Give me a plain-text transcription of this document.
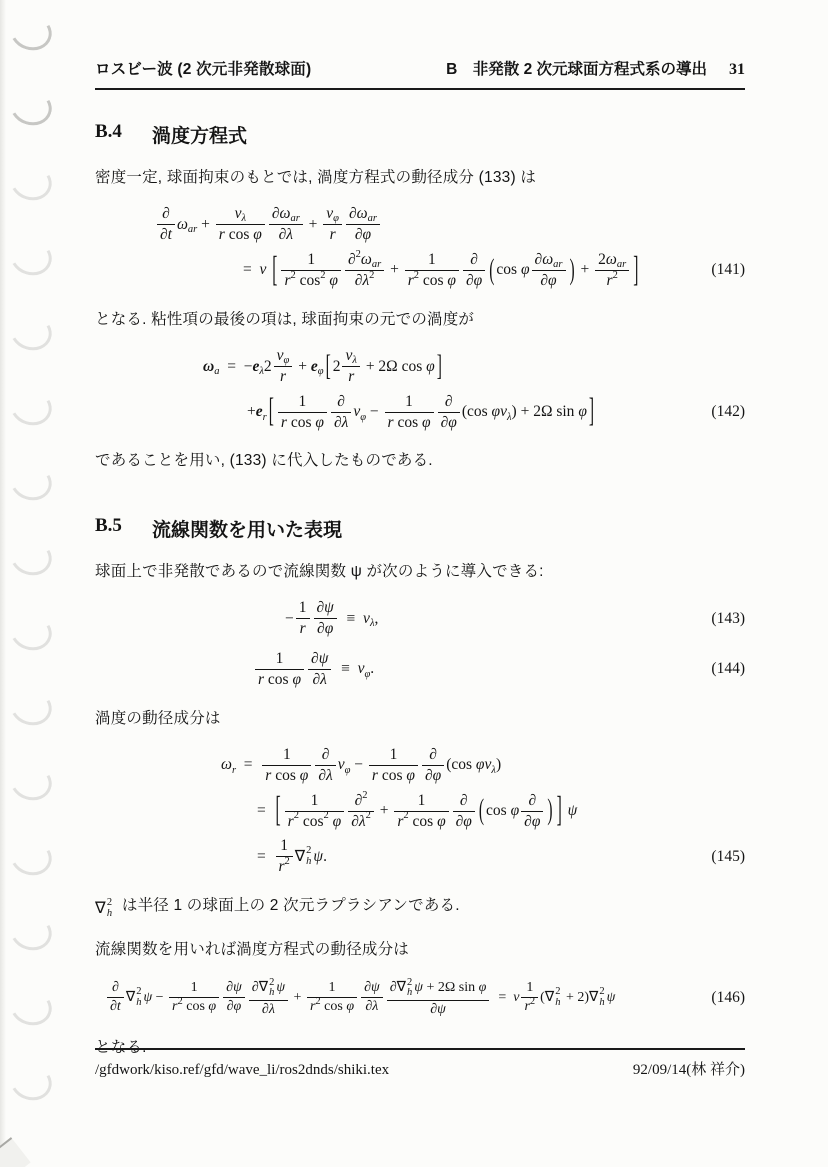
ロスビー波 (2 次元非発散球面)	B　非発散 2 次元球面方程式系の導出 31
B.4 渦度方程式

密度一定, 球面拘束のもとでは, 渦度方程式の動径成分 (133) は

$\frac{\partial}{\partial t}$ ω ar + $\frac{\text{v λ}}{\text{r cos φ}} \frac{\text{∂ ω ar}}{\partial\lambda} + \frac{\text{v φ}}{r} \frac{\text{∂ ω ar}}{\partial\varphi}$
= ν [ 1
r 2 cos 2
φ $\frac{\text{∂ 2 ω ar}}{\partial\lambda 2} + \frac{1}{\text{r 2 cos φ}} \frac{\partial}{\partial\varphi}$ ( cos φ $\frac{\text{∂ ω ar}}{\partial\varphi}$ ) + $\frac{\text{2 ω ar}}{r 2}$ ]	(141)

となる. 粘性項の最後の項は, 球面拘束の元での渦度が

ω a =  − e λ $2 \frac{\text{v φ}}{r} + e$ φ [ $2 \frac{\text{v λ}}{r} + 2\Omega$ cos φ ]
+ e r [ $\frac{1}{\text{r cos φ}} \frac{\partial}{\partial\lambda}$ v $\varphi - \frac{1}{\text{r cos φ}} \frac{\partial}{\partial\varphi} (\cos$ φ v λ ) + 2Ω sin φ ]	(142)

であることを用い, (133) に代入したものである.

B.5 流線関数を用いた表現

球面上で非発散であるので流線関数 ψ が次のように導入できる:

− $\frac{1}{r} \frac{\partial\psi}{\partial\varphi} \equiv v$ λ ,	(143)
$\frac{1}{\text{r cos φ}} \frac{\partial\psi}{\partial\lambda} \equiv v$ φ .	(144)

渦度の動径成分は

ω $r = \frac{1}{\text{r cos φ}} \frac{\partial}{\partial\lambda}$ v $\varphi - \frac{1}{\text{r cos φ}} \frac{\partial}{\partial\varphi} (\cos$ φ v λ )
= [ 1
r 2 cos 2
φ $\frac{\partial 2}{\partial\lambda 2} + \frac{1}{\text{r 2 cos φ}} \frac{\partial}{\partial\varphi}$ ( cos φ $\frac{\partial}{\partial\varphi}$ ) ] ψ
= $\frac{1}{r 2}$ ∇ 2
h ψ .	(145)

∇ 2
h は半径 1 の球面上の 2 次元ラプラシアンである.

流線関数を用いれば渦度方程式の動径成分は

$\frac{\partial}{\partial t}$ ∇ 2
h $\psi - \frac{1}{\text{r 2 cos φ}} \frac{\partial\psi}{\partial\varphi}$ ∂ ∇ 2
h ψ
$\partial\lambda + \frac{1}{\text{r 2 cos φ}} \frac{\partial\psi}{\partial\lambda}$ ∂ ∇ 2
h ψ + 2Ω sin φ
∂ψ = ν $\frac{1}{r 2}$ ( ∇ 2
h + 2) ∇ 2
h ψ	(146)

となる.

/gfdwork/kiso.ref/gfd/wave_li/ros2dnds/shiki.tex	92/09/14(林 祥介)
